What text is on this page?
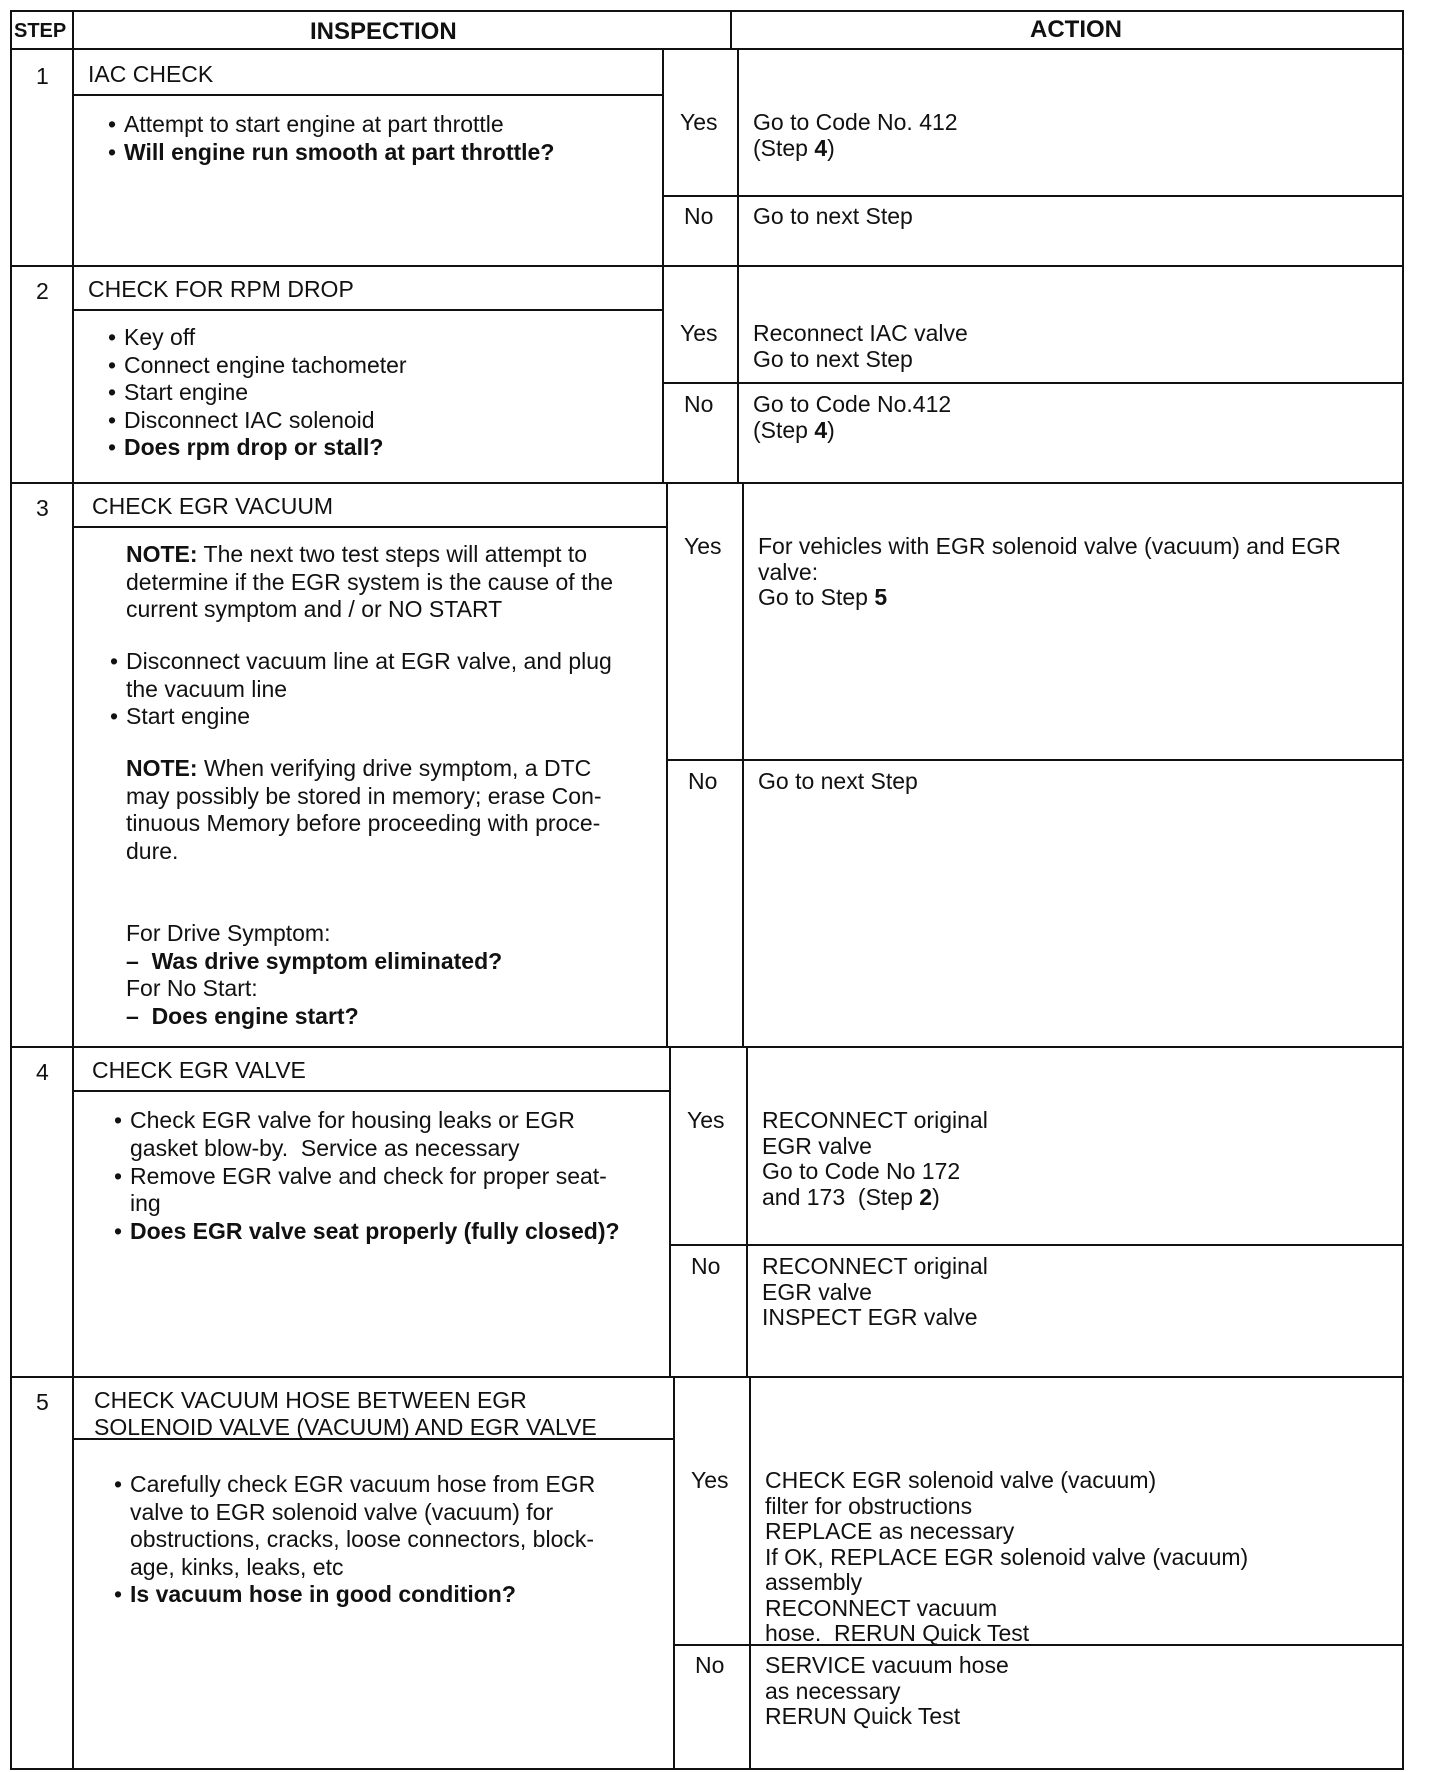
STEP	INSPECTION	ACTION
1 IAC CHECK
• Attempt to start engine at part throttle
• Will engine run smooth at part throttle?
Yes
No
Go to Code No. 412
(Step 4)
Go to next Step
2 CHECK FOR RPM DROP
• Key off
• Connect engine tachometer
• Start engine
• Disconnect IAC solenoid
• Does rpm drop or stall?
Yes
No
Reconnect IAC valve
Go to next Step
Go to Code No.412
(Step 4)
3 CHECK EGR VACUUM
NOTE: The next two test steps will attempt to
determine if the EGR system is the cause of the
current symptom and / or NO START
• Disconnect vacuum line at EGR valve, and plug
the vacuum line
• Start engine
NOTE: When verifying drive symptom, a DTC
may possibly be stored in memory; erase Con-
tinuous Memory before proceeding with proce-
dure.
For Drive Symptom:
–  Was drive symptom eliminated?
For No Start:
–  Does engine start?
Yes
No
For vehicles with EGR solenoid valve (vacuum) and EGR
valve:
Go to Step 5
Go to next Step
4 CHECK EGR VALVE
• Check EGR valve for housing leaks or EGR
gasket blow-by.  Service as necessary
• Remove EGR valve and check for proper seat-
ing
• Does EGR valve seat properly (fully closed)?
Yes
No
RECONNECT original
EGR valve
Go to Code No 172
and 173  (Step 2)
RECONNECT original
EGR valve
INSPECT EGR valve
5 CHECK VACUUM HOSE BETWEEN EGR
SOLENOID VALVE (VACUUM) AND EGR VALVE
• Carefully check EGR vacuum hose from EGR
valve to EGR solenoid valve (vacuum) for
obstructions, cracks, loose connectors, block-
age, kinks, leaks, etc
• Is vacuum hose in good condition?
Yes
No
CHECK EGR solenoid valve (vacuum)
filter for obstructions
REPLACE as necessary
If OK, REPLACE EGR solenoid valve (vacuum)
assembly
RECONNECT vacuum
hose.  RERUN Quick Test
SERVICE vacuum hose
as necessary
RERUN Quick Test
